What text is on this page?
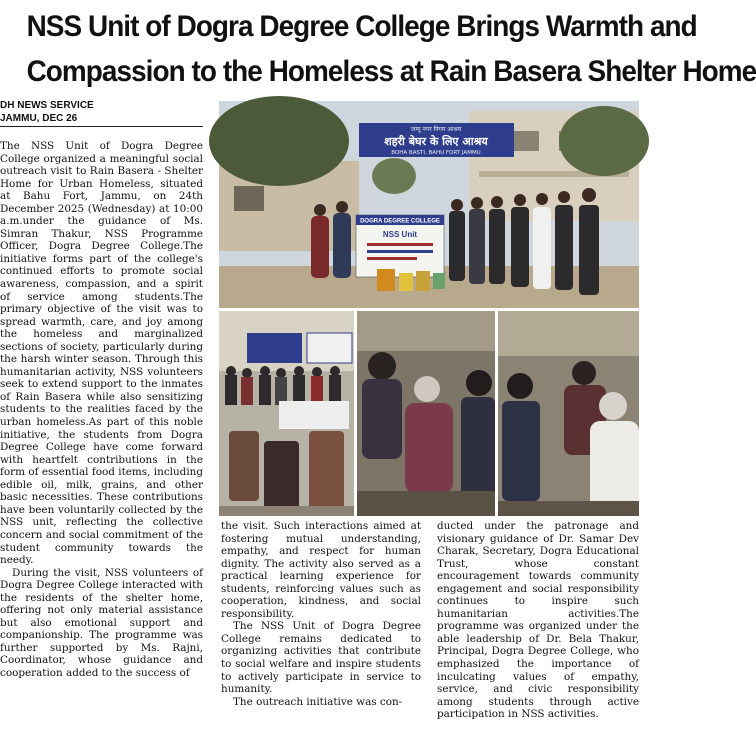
NSS Unit of Dogra Degree College Brings Warmth and
Compassion to the Homeless at Rain Basera Shelter Home
DH NEWS SERVICE
JAMMU, DEC 26

The NSS Unit of Dogra Degree College organized a meaningful social outreach visit to Rain Basera - Shelter Home for Urban Homeless, situated at Bahu Fort, Jammu, on 24th December 2025 (Wednesday) at 10:00 a.m.under the guidance of Ms. Simran Thakur, NSS Programme Officer, Dogra Degree College.The initiative forms part of the college's continued efforts to promote social awareness, compassion, and a spirit of service among students.The primary objective of the visit was to spread warmth, care, and joy among the homeless and marginalized sections of society, particularly during the harsh winter season. Through this humanitarian activity, NSS volunteers seek to extend support to the inmates of Rain Basera while also sensitizing students to the realities faced by the urban homeless.As part of this noble initiative, the students from Dogra Degree College have come forward with heartfelt contributions in the form of essential food items, including edible oil, milk, grains, and other basic necessities. These contributions have been voluntarily collected by the NSS unit, reflecting the collective concern and social commitment of the student community towards the needy.

During the visit, NSS volunteers of Dogra Degree College interacted with the residents of the shelter home, offering not only material assistance but also emotional support and companionship. The programme was further supported by Ms. Rajni, Coordinator, whose guidance and cooperation added to the success of

जम्मू नगर निगम आश्रय
शहरी बेघर के लिए आश्रय
BOHA BASTI, BAHU FORT JAMMU
DOGRA DEGREE COLLEGE
NSS Unit

the visit. Such interactions aimed at fostering mutual understanding, empathy, and respect for human dignity. The activity also served as a practical learning experience for students, reinforcing values such as cooperation, kindness, and social responsibility.

The NSS Unit of Dogra Degree College remains dedicated to organizing activities that contribute to social welfare and inspire students to actively participate in service to humanity.

The outreach initiative was con-

ducted under the patronage and visionary guidance of Dr. Samar Dev Charak, Secretary, Dogra Educational Trust, whose constant encouragement towards community engagement and social responsibility continues to inspire such humanitarian activities.The programme was organized under the able leadership of Dr. Bela Thakur, Principal, Dogra Degree College, who emphasized the importance of inculcating values of empathy, service, and civic responsibility among students through active participation in NSS activities.
